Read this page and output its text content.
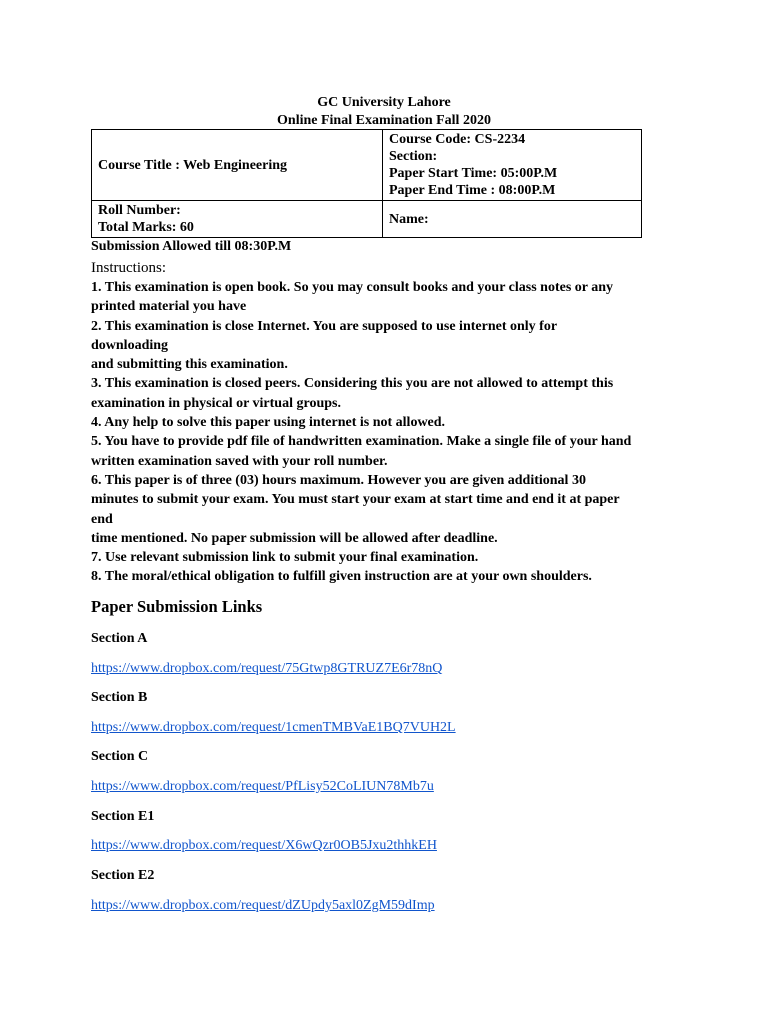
GC University Lahore
Online Final Examination Fall 2020
Course Title : Web Engineering	Course Code: CS-2234
Section:
Paper Start Time: 05:00P.M
Paper End Time : 08:00P.M

Roll Number:
Total Marks: 60	Name:
Submission Allowed till 08:30P.M
Instructions:
1. This examination is open book. So you may consult books and your class notes or any
printed material you have
2. This examination is close Internet. You are supposed to use internet only for
downloading
and submitting this examination.
3. This examination is closed peers. Considering this you are not allowed to attempt this
examination in physical or virtual groups.
4. Any help to solve this paper using internet is not allowed.
5. You have to provide pdf file of handwritten examination. Make a single file of your hand
written examination saved with your roll number.
6. This paper is of three (03) hours maximum. However you are given additional 30
minutes to submit your exam. You must start your exam at start time and end it at paper
end
time mentioned. No paper submission will be allowed after deadline.
7. Use relevant submission link to submit your final examination.
8. The moral/ethical obligation to fulfill given instruction are at your own shoulders.
Paper Submission Links
Section A
https://www.dropbox.com/request/75Gtwp8GTRUZ7E6r78nQ
Section B
https://www.dropbox.com/request/1cmenTMBVaE1BQ7VUH2L
Section C
https://www.dropbox.com/request/PfLisy52CoLIUN78Mb7u
Section E1
https://www.dropbox.com/request/X6wQzr0OB5Jxu2thhkEH
Section E2
https://www.dropbox.com/request/dZUpdy5axl0ZgM59dImp
